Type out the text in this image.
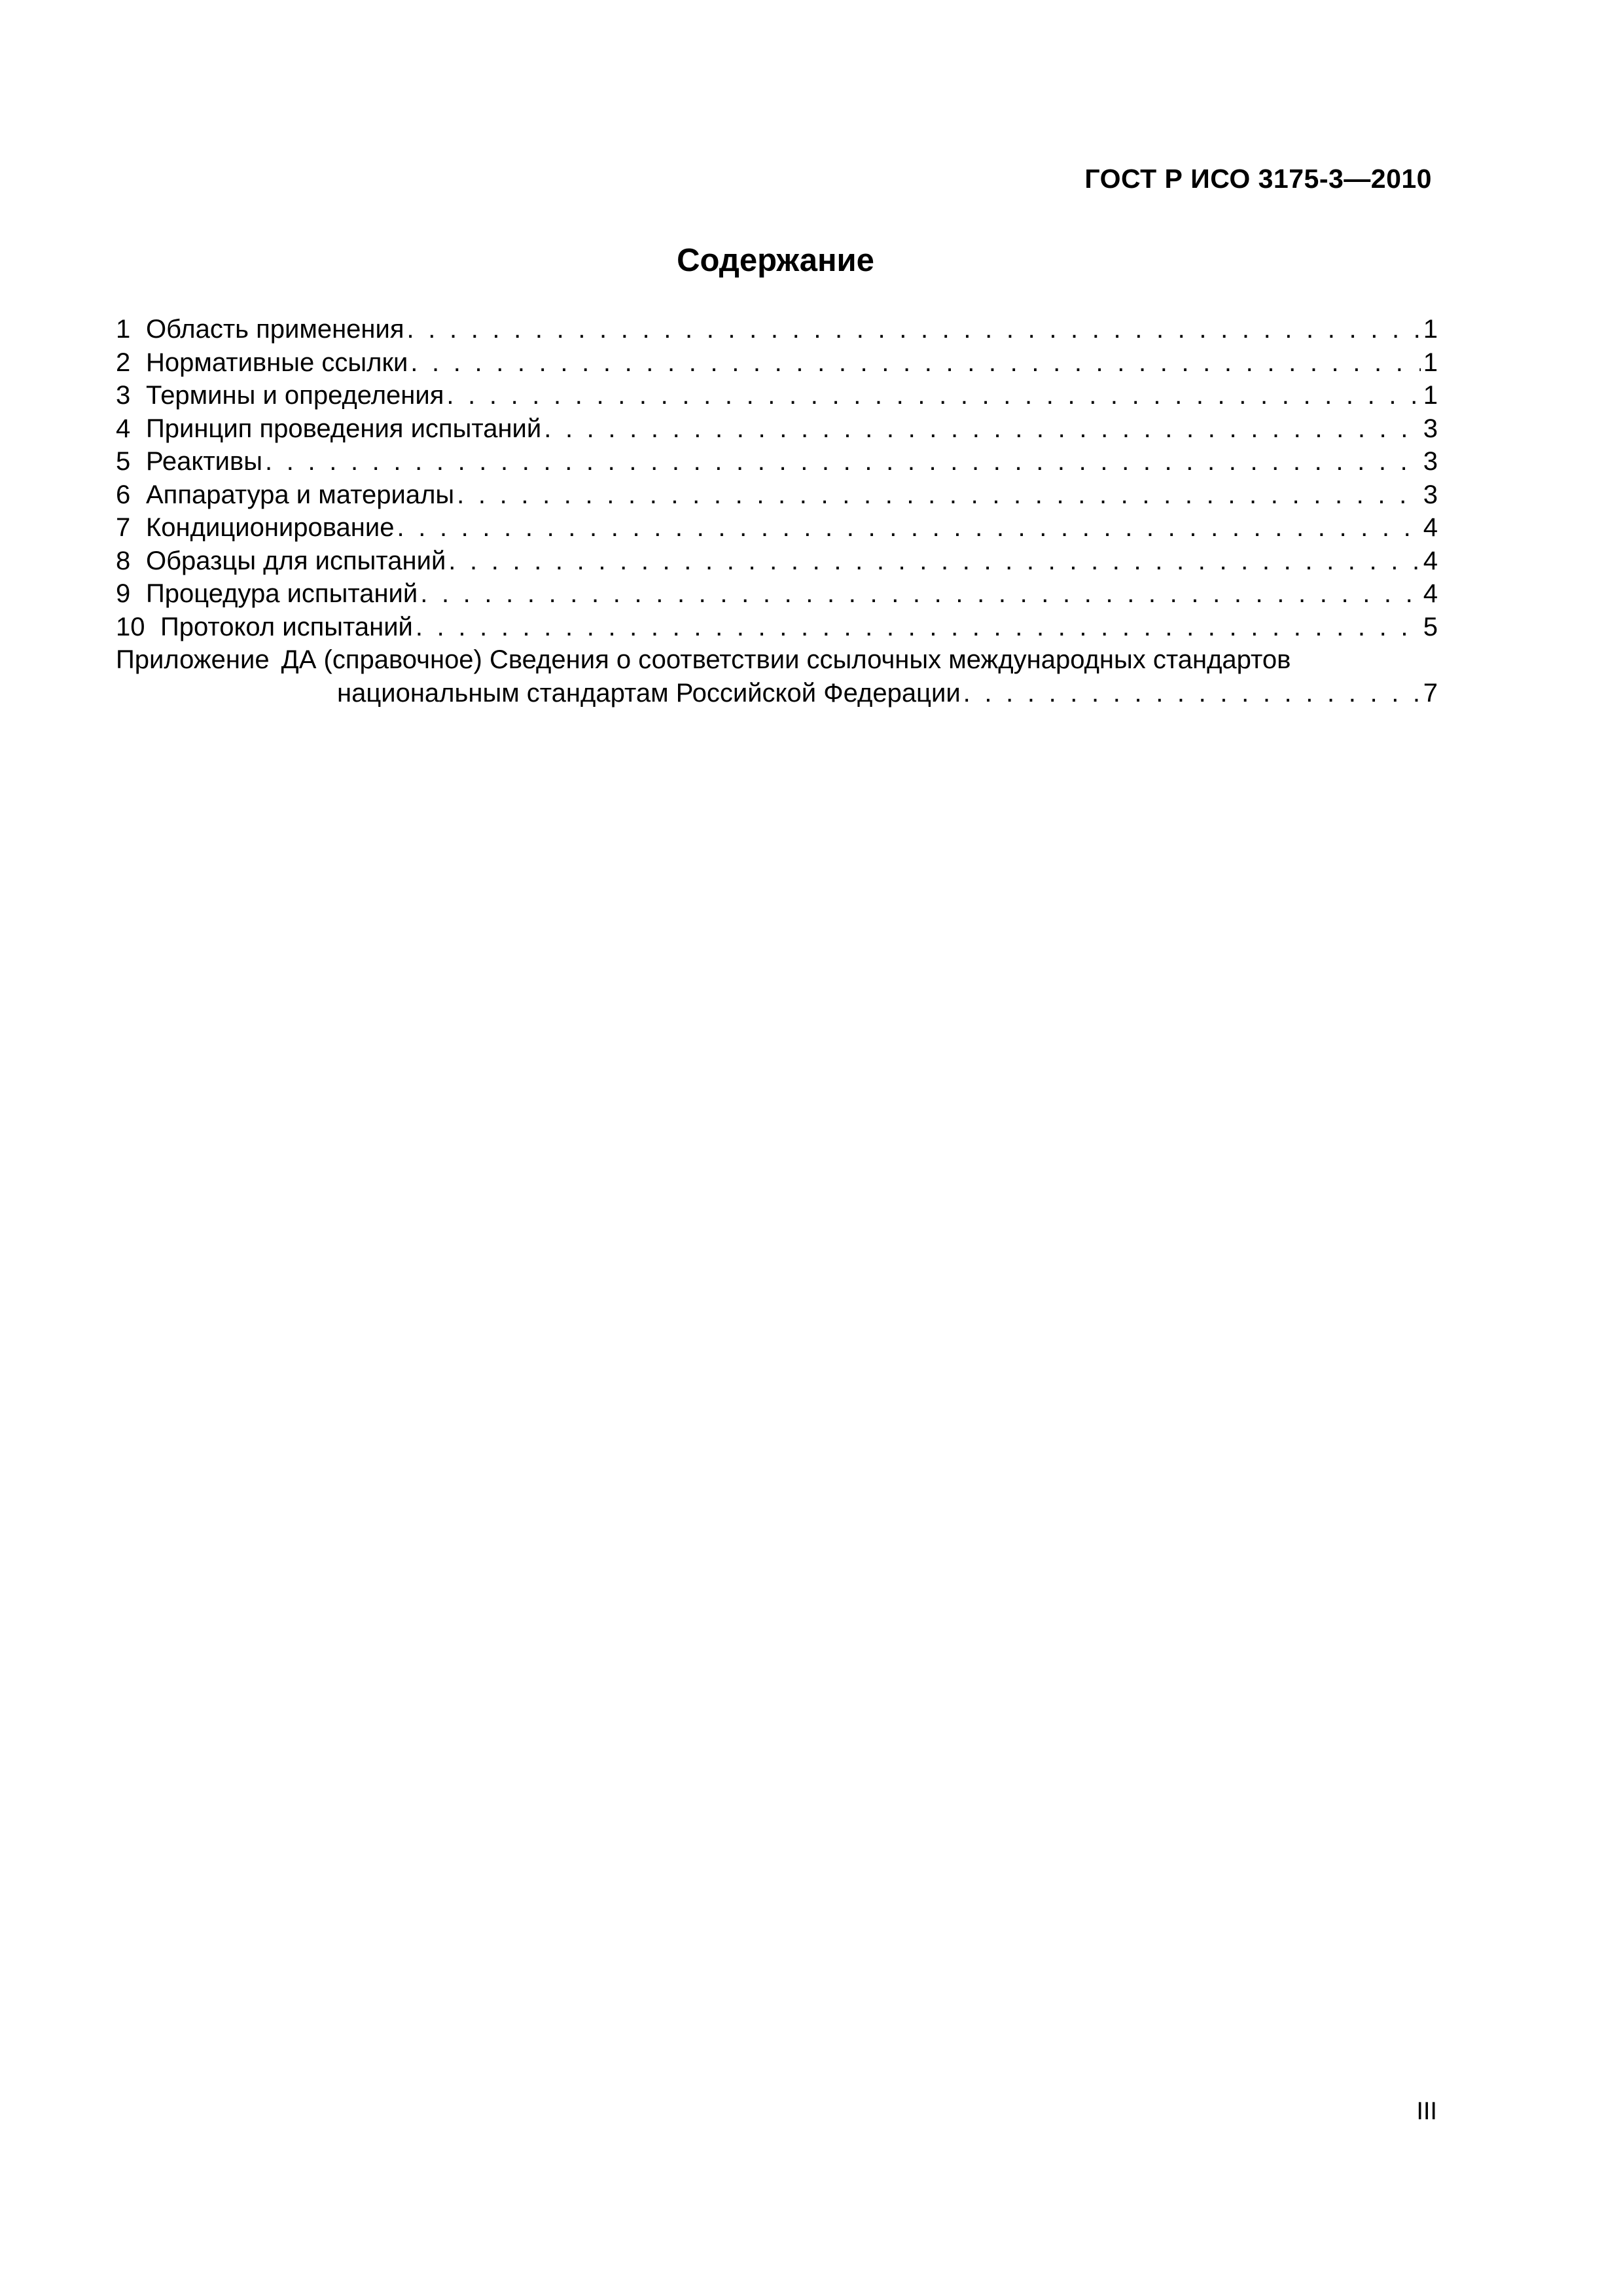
ГОСТ Р ИСО 3175-3—2010
Содержание
1 Область применения . . .	1
2 Нормативные ссылки . . .	1
3 Термины и определения . . .	1
4 Принцип проведения испытаний . . .	3
5 Реактивы . . .	3
6 Аппаратура и материалы . . .	3
7 Кондиционирование . . .	4
8 Образцы для испытаний . . .	4
9 Процедура испытаний . . .	4
10 Протокол испытаний . . .	5
Приложение ДА (справочное) Сведения о соответствии ссылочных международных стандартов
национальным стандартам Российской Федерации . . .	7
III
